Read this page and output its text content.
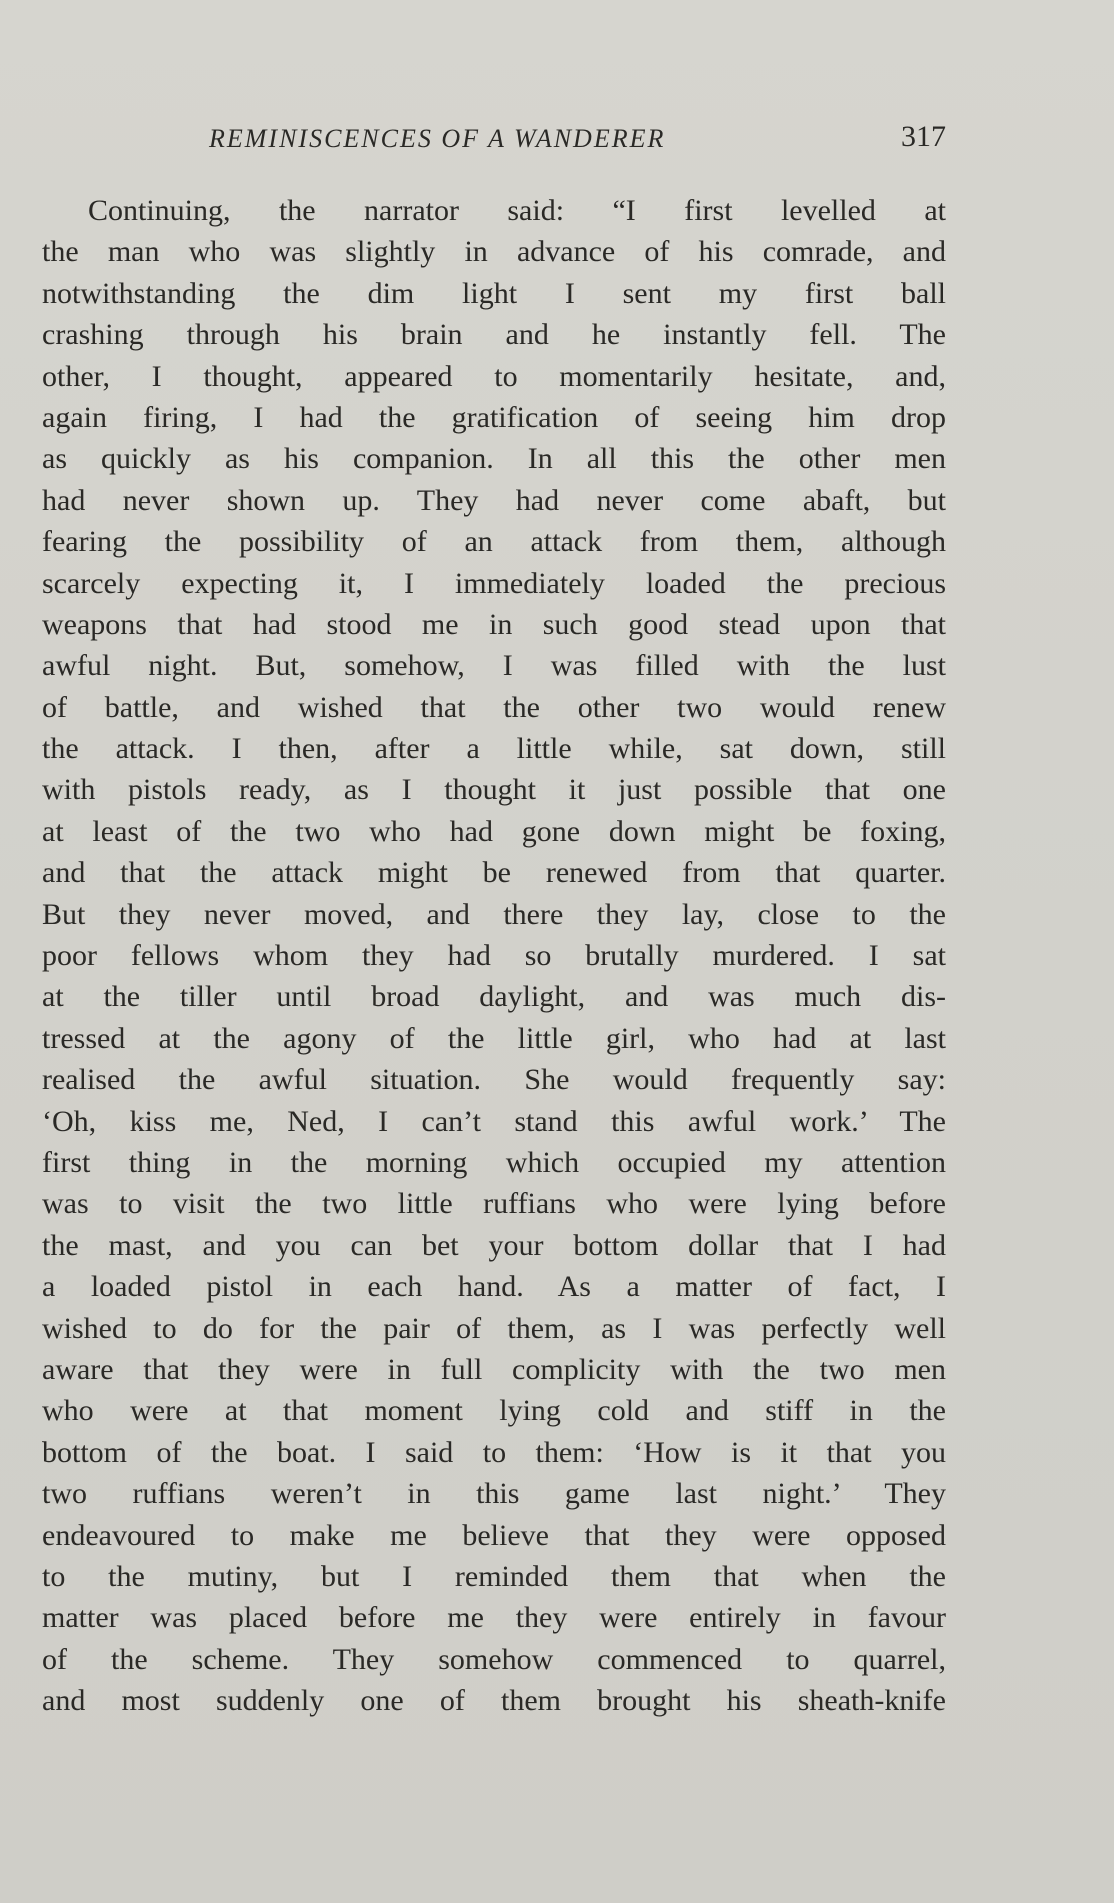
REMINISCENCES OF A WANDERER	317
Continuing, the narrator said: “I first levelled at
the man who was slightly in advance of his comrade, and
notwithstanding the dim light I sent my first ball
crashing through his brain and he instantly fell. The
other, I thought, appeared to momentarily hesitate, and,
again firing, I had the gratification of seeing him drop
as quickly as his companion. In all this the other men
had never shown up. They had never come abaft, but
fearing the possibility of an attack from them, although
scarcely expecting it, I immediately loaded the precious
weapons that had stood me in such good stead upon that
awful night. But, somehow, I was filled with the lust
of battle, and wished that the other two would renew
the attack. I then, after a little while, sat down, still
with pistols ready, as I thought it just possible that one
at least of the two who had gone down might be foxing,
and that the attack might be renewed from that quarter.
But they never moved, and there they lay, close to the
poor fellows whom they had so brutally murdered. I sat
at the tiller until broad daylight, and was much dis-
tressed at the agony of the little girl, who had at last
realised the awful situation. She would frequently say:
‘Oh, kiss me, Ned, I can’t stand this awful work.’ The
first thing in the morning which occupied my attention
was to visit the two little ruffians who were lying before
the mast, and you can bet your bottom dollar that I had
a loaded pistol in each hand. As a matter of fact, I
wished to do for the pair of them, as I was perfectly well
aware that they were in full complicity with the two men
who were at that moment lying cold and stiff in the
bottom of the boat. I said to them: ‘How is it that you
two ruffians weren’t in this game last night.’ They
endeavoured to make me believe that they were opposed
to the mutiny, but I reminded them that when the
matter was placed before me they were entirely in favour
of the scheme. They somehow commenced to quarrel,
and most suddenly one of them brought his sheath-knife
